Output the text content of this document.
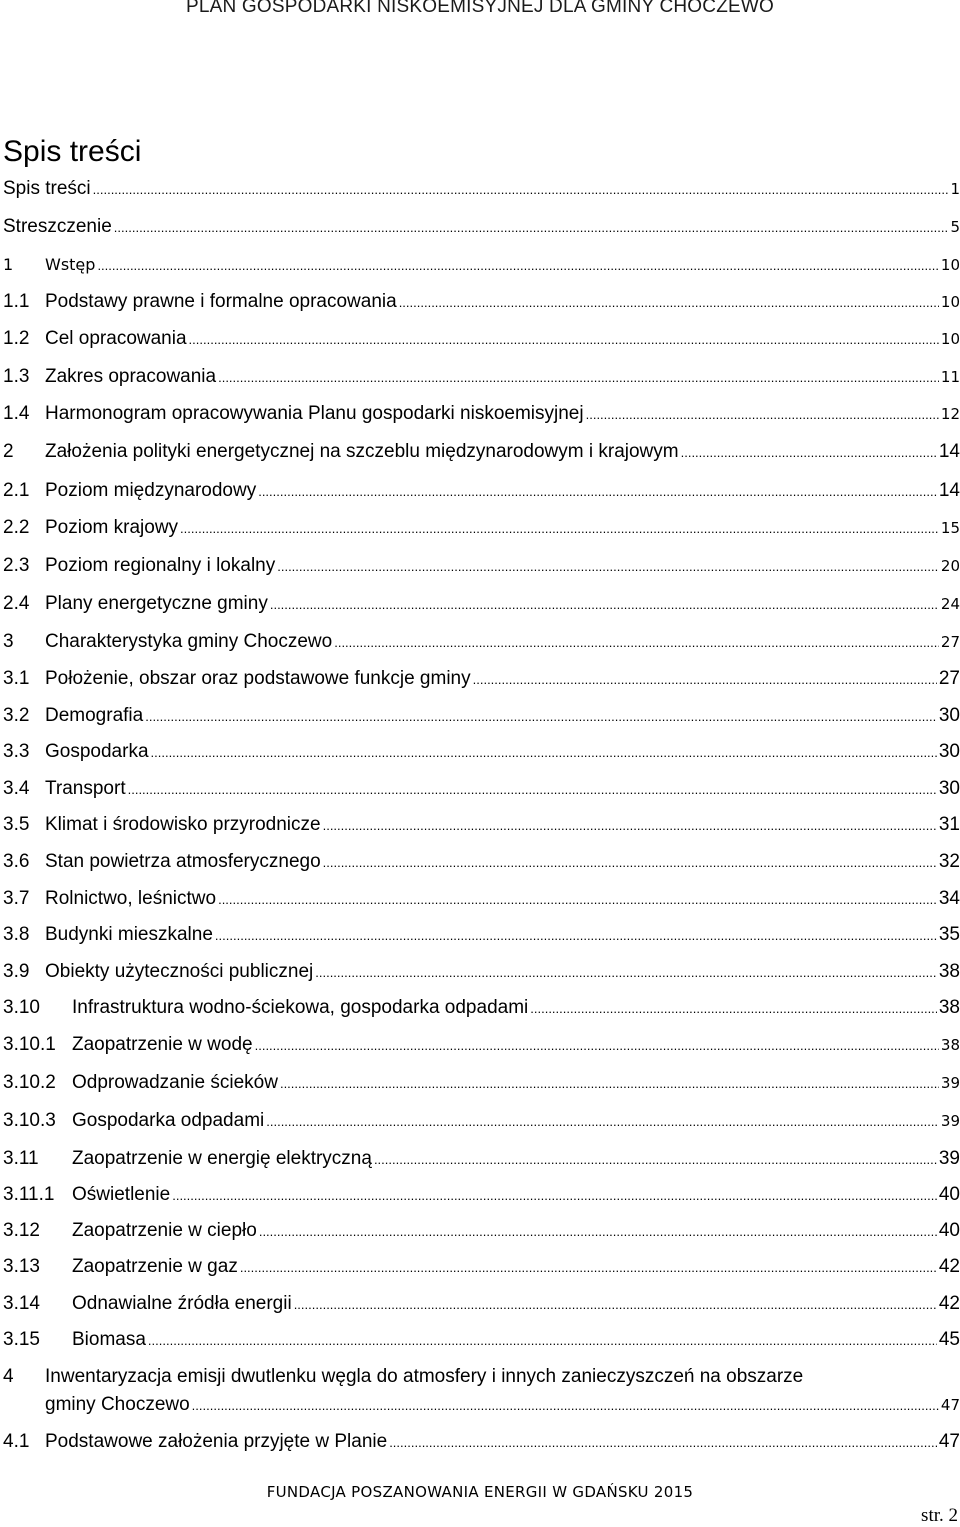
PLAN GOSPODARKI NISKOEMISYJNEJ DLA GMINY CHOCZEWO
Spis treści
Spis treści .....	1
Streszczenie .....	5
1	Wstęp .....	10
1.1 Podstawy prawne i formalne opracowania .....	10
1.2 Cel opracowania .....	10
1.3 Zakres opracowania .....	11
1.4 Harmonogram opracowywania Planu gospodarki niskoemisyjnej .....	12
2	Założenia polityki energetycznej na szczeblu międzynarodowym i krajowym .....	14
2.1 Poziom międzynarodowy .....	14
2.2 Poziom krajowy .....	15
2.3 Poziom regionalny i lokalny .....	20
2.4 Plany energetyczne gminy .....	24
3	Charakterystyka gminy Choczewo .....	27
3.1 Położenie, obszar oraz podstawowe funkcje gminy .....	27
3.2 Demografia .....	30
3.3 Gospodarka .....	30
3.4 Transport .....	30
3.5 Klimat i środowisko przyrodnicze .....	31
3.6 Stan powietrza atmosferycznego .....	32
3.7 Rolnictwo, leśnictwo .....	34
3.8 Budynki mieszkalne .....	35
3.9 Obiekty użyteczności publicznej .....	38
3.10	Infrastruktura wodno-ściekowa, gospodarka odpadami .....	38
3.10.1 Zaopatrzenie w wodę .....	38
3.10.2 Odprowadzanie ścieków .....	39
3.10.3 Gospodarka odpadami .....	39
3.11	Zaopatrzenie w energię elektryczną .....	39
3.11.1 Oświetlenie .....	40
3.12	Zaopatrzenie w ciepło .....	40
3.13	Zaopatrzenie w gaz .....	42
3.14	Odnawialne źródła energii .....	42
3.15	Biomasa .....	45
4 Inwentaryzacja emisji dwutlenku węgla do atmosfery i innych zanieczyszczeń na obszarze
gminy Choczewo .....	47
4.1 Podstawowe założenia przyjęte w Planie .....	47
FUNDACJA POSZANOWANIA ENERGII W GDAŃSKU 2015
str. 2
